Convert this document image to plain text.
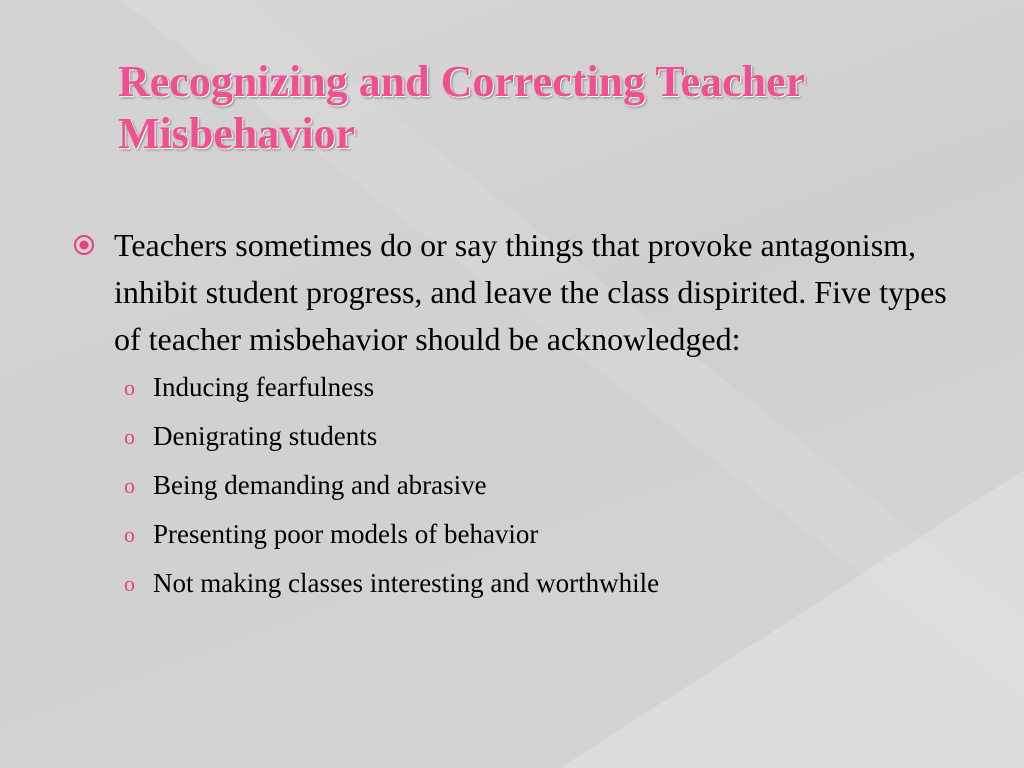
Recognizing and Correcting Teacher Misbehavior
Teachers sometimes do or say things that provoke antagonism, inhibit student progress, and leave the class dispirited. Five types of teacher misbehavior should be acknowledged:
o Inducing fearfulness
o Denigrating students
o Being demanding and abrasive
o Presenting poor models of behavior
o Not making classes interesting and worthwhile
